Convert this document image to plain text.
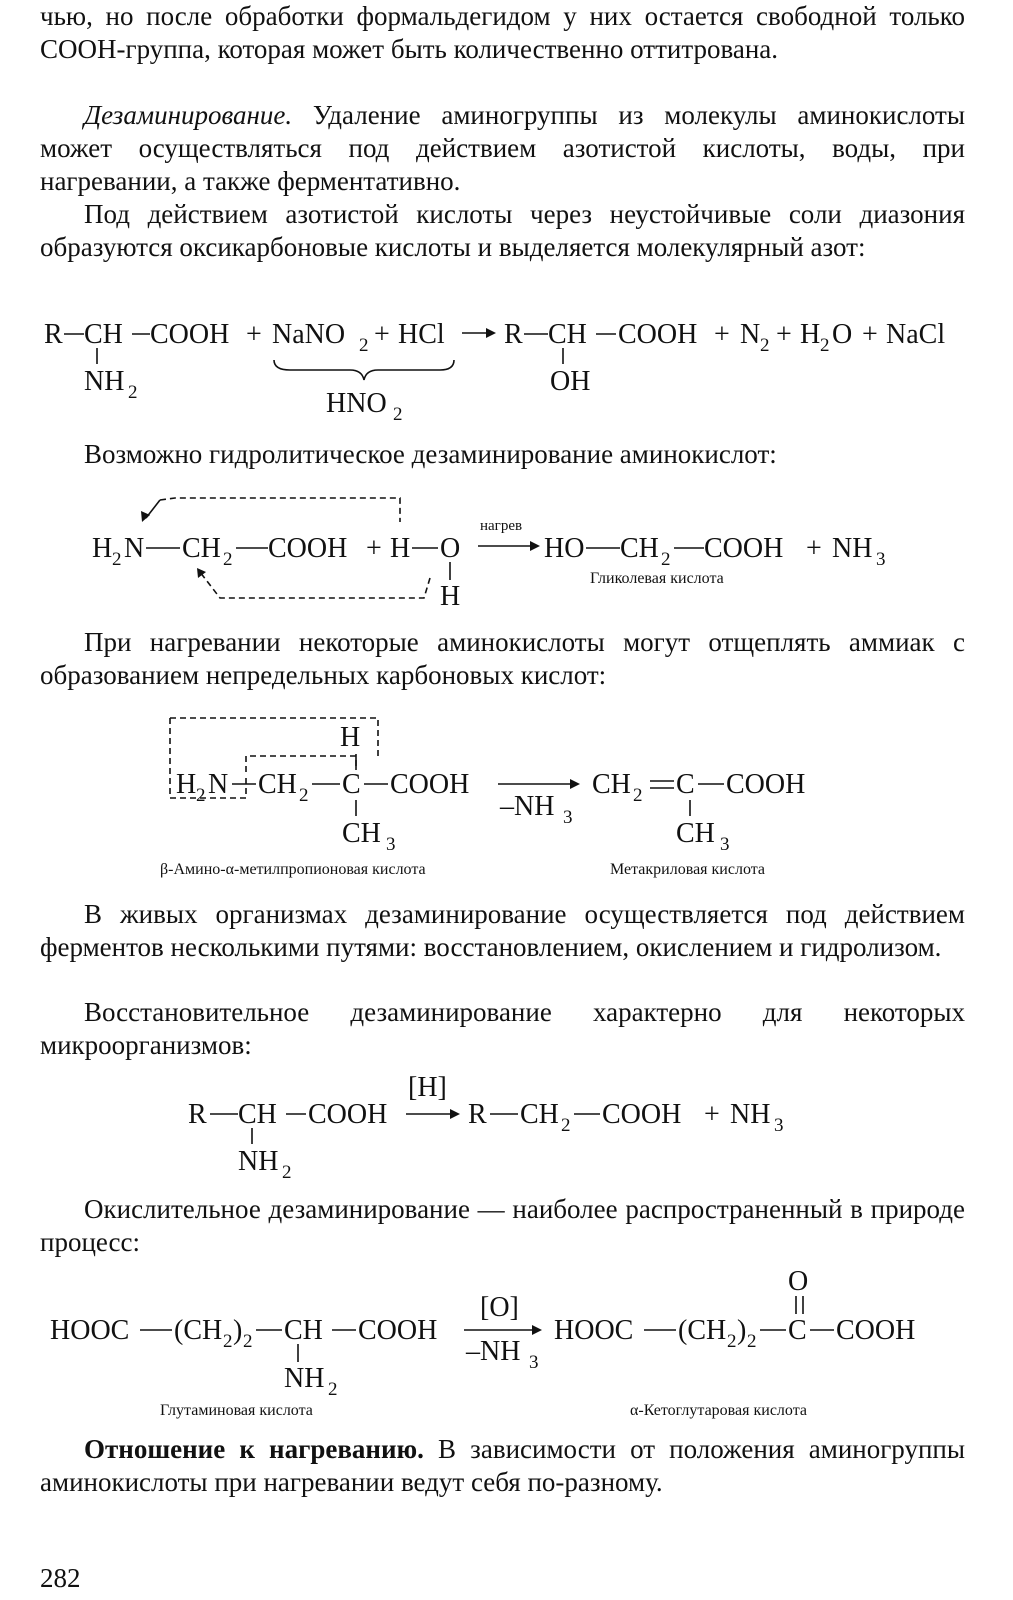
чью, но после обработки формальдегидом у них остается свободной только СООН-группа, которая может быть количественно оттитрована.
Дезаминирование. Удаление аминогруппы из молекулы аминокислоты может осуществляться под действием азотистой кислоты, воды, при нагревании, а также ферментативно.
Под действием азотистой кислоты через неустойчивые соли диазония образуются оксикарбоновые кислоты и выделяется молекулярный азот:
R CH COOH + NaNO 2 + HCl
NH 2	HNO 2
R CH COOH + N 2 + H 2 O + NaCl
OH
Возможно гидролитическое дезаминирование аминокислот:
H 2 N CH 2 COOH + H O
H
нагрев
HO CH 2 COOH + NH 3
Гликолевая кислота
При нагревании некоторые аминокислоты могут отщеплять аммиак с образованием непредельных карбоновых кислот:
H
H 2 N CH 2 C COOH
CH 3
–NH 3
CH 2 C COOH
CH 3
β-Амино-α-метилпропионовая кислота	Метакриловая кислота
В живых организмах дезаминирование осуществляется под действием ферментов несколькими путями: восстановлением, окислением и гидролизом.
Восстановительное дезаминирование характерно для некоторых микроорганизмов:
R CH COOH
NH 2
[H]
R CH 2 COOH + NH 3
Окислительное дезаминирование — наиболее распространенный в природе процесс:
HOOC (CH 2 ) 2 CH COOH
NH 2
[O]
–NH 3
HOOC (CH 2 ) 2 C COOH
O
Глутаминовая кислота	α-Кетоглутаровая кислота
Отношение к нагреванию. В зависимости от положения аминогруппы аминокислоты при нагревании ведут себя по-разному.
282
